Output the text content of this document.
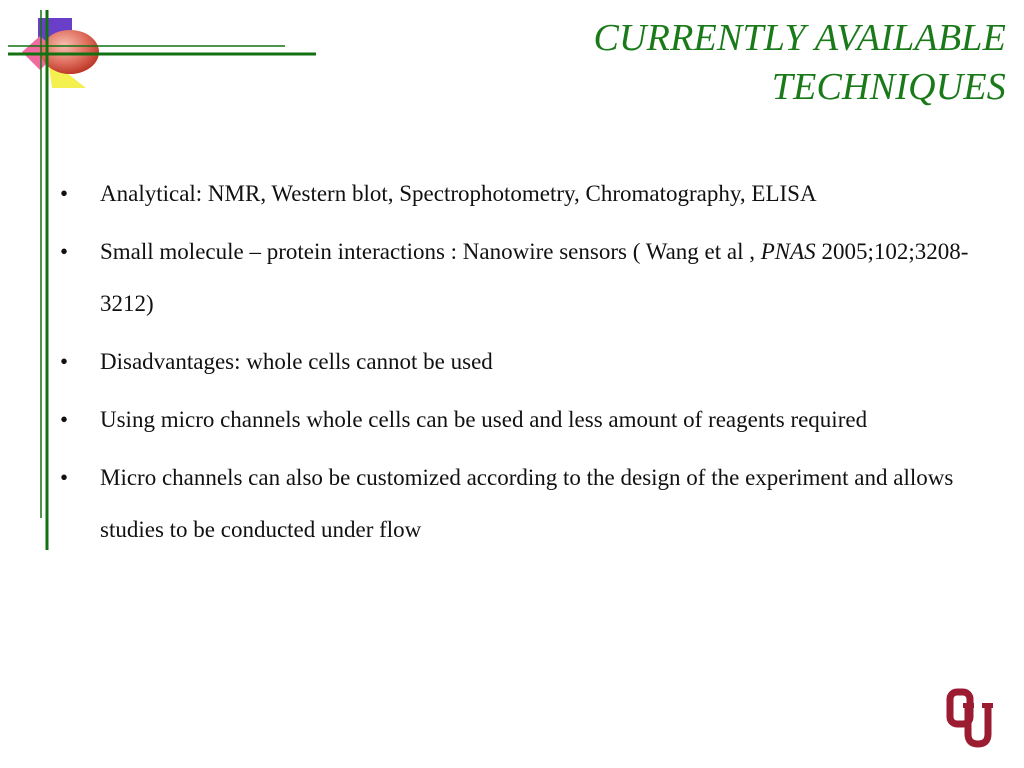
CURRENTLY AVAILABLE
TECHNIQUES
• Analytical: NMR, Western blot, Spectrophotometry, Chromatography, ELISA
• Small molecule – protein interactions : Nanowire sensors ( Wang et al , PNAS 2005;102;3208-3212)
• Disadvantages: whole cells cannot be used
• Using micro channels whole cells can be used and less amount of reagents required
• Micro channels can also be customized according to the design of the experiment and allows studies to be conducted under flow
